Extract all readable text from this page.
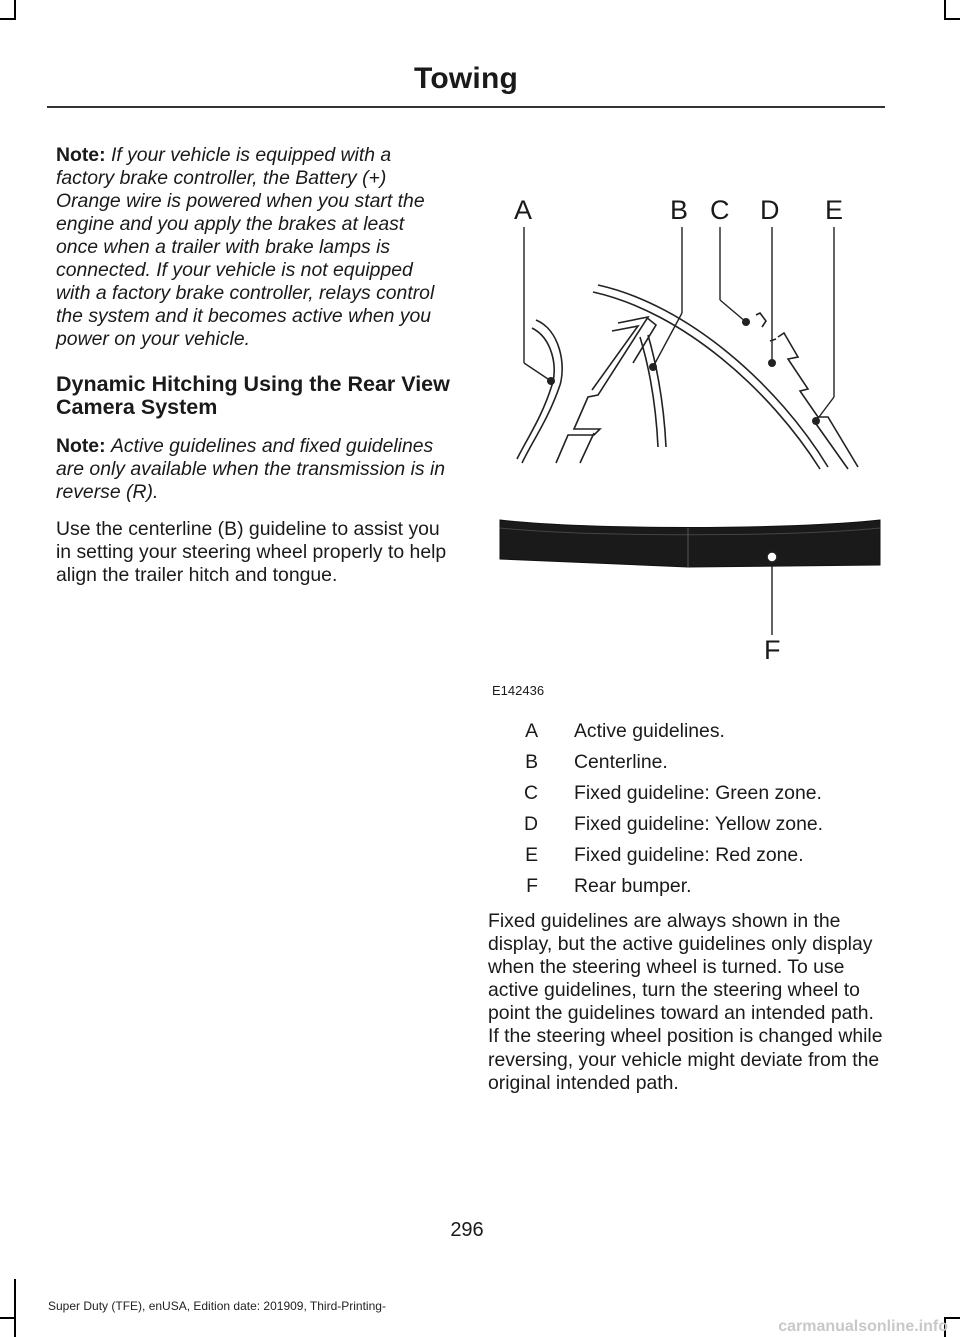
Towing

Note: If your vehicle is equipped with a factory brake controller, the Battery (+) Orange wire is powered when you start the engine and you apply the brakes at least once when a trailer with brake lamps is connected. If your vehicle is not equipped with a factory brake controller, relays control the system and it becomes active when you power on your vehicle.

Dynamic Hitching Using the Rear View Camera System

Note: Active guidelines and fixed guidelines are only available when the transmission is in reverse (R).

Use the centerline (B) guideline to assist you in setting your steering wheel properly to help align the trailer hitch and tongue.

A	B C D E
F
E142436
A	Active guidelines.
B	Centerline.
C	Fixed guideline: Green zone.
D	Fixed guideline: Yellow zone.
E	Fixed guideline: Red zone.
F	Rear bumper.

Fixed guidelines are always shown in the display, but the active guidelines only display when the steering wheel is turned. To use active guidelines, turn the steering wheel to point the guidelines toward an intended path. If the steering wheel position is changed while reversing, your vehicle might deviate from the original intended path.

296
Super Duty (TFE), enUSA, Edition date: 201909, Third-Printing-
carmanualsonline.info
